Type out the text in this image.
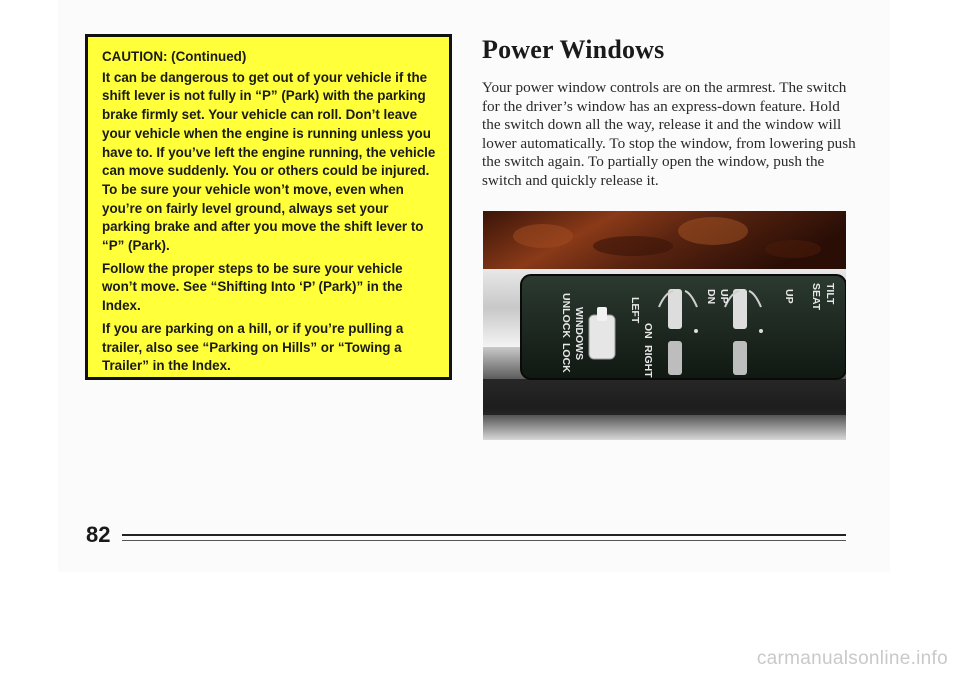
CAUTION: (Continued)

It can be dangerous to get out of your vehicle if the shift lever is not fully in “P” (Park) with the parking brake firmly set. Your vehicle can roll. Don’t leave your vehicle when the engine is running unless you have to. If you’ve left the engine running, the vehicle can move suddenly. You or others could be injured. To be sure your vehicle won’t move, even when you’re on fairly level ground, always set your parking brake and after you move the shift lever to “P” (Park).

Follow the proper steps to be sure your vehicle won’t move. See “Shifting Into ‘P’ (Park)” in the Index.

If you are parking on a hill, or if you’re pulling a trailer, also see “Parking on Hills” or “Towing a Trailer” in the Index.

Power Windows

Your power window controls are on the armrest. The switch for the driver’s window has an express-down feature. Hold the switch down all the way, release it and the window will lower automatically. To stop the window, from lowering push the switch again. To partially open the window, push the switch and quickly release it.

UNLOCK
LOCK WINDOWS	LEFT
ON
RIGHT
DN UP	UP	TILT
SEAT
82
carmanualsonline.info
